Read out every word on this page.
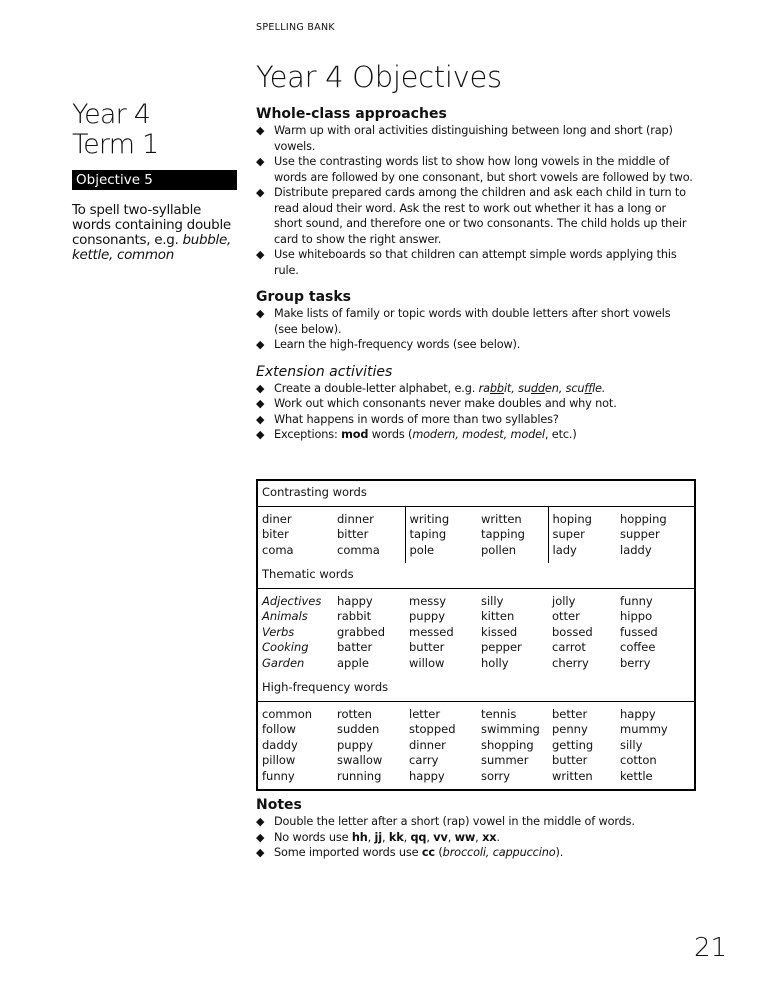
SPELLING BANK
Year 4 Objectives
Year 4
Term 1
Objective 5
To spell two-syllable words containing double consonants, e.g. bubble, kettle, common
Whole-class approaches
◆ Warm up with oral activities distinguishing between long and short (rap) vowels.
◆ Use the contrasting words list to show how long vowels in the middle of words are followed by one consonant, but short vowels are followed by two.
◆ Distribute prepared cards among the children and ask each child in turn to read aloud their word. Ask the rest to work out whether it has a long or short sound, and therefore one or two consonants. The child holds up their card to show the right answer.
◆ Use whiteboards so that children can attempt simple words applying this rule.
Group tasks
◆ Make lists of family or topic words with double letters after short vowels (see below).
◆ Learn the high-frequency words (see below).
Extension activities
◆ Create a double-letter alphabet, e.g. rabbit, sudden, scuffle.
◆ Work out which consonants never make doubles and why not.
◆ What happens in words of more than two syllables?
◆ Exceptions: mod words (modern, modest, model, etc.)
Contrasting words					
diner	dinner	writing	written	hoping	hopping
biter	bitter	taping	tapping	super	supper
coma	comma	pole	pollen	lady	laddy
Thematic words					
Adjectives	happy	messy	silly	jolly	funny
Animals	rabbit	puppy	kitten	otter	hippo
Verbs	grabbed	messed	kissed	bossed	fussed
Cooking	batter	butter	pepper	carrot	coffee
Garden	apple	willow	holly	cherry	berry
High-frequency words					
common	rotten	letter	tennis	better	happy
follow	sudden	stopped	swimming	penny	mummy
daddy	puppy	dinner	shopping	getting	silly
pillow	swallow	carry	summer	butter	cotton
funny	running	happy	sorry	written	kettle
Notes
◆ Double the letter after a short (rap) vowel in the middle of words.
◆ No words use hh, jj, kk, qq, vv, ww, xx.
◆ Some imported words use cc (broccoli, cappuccino).
21
